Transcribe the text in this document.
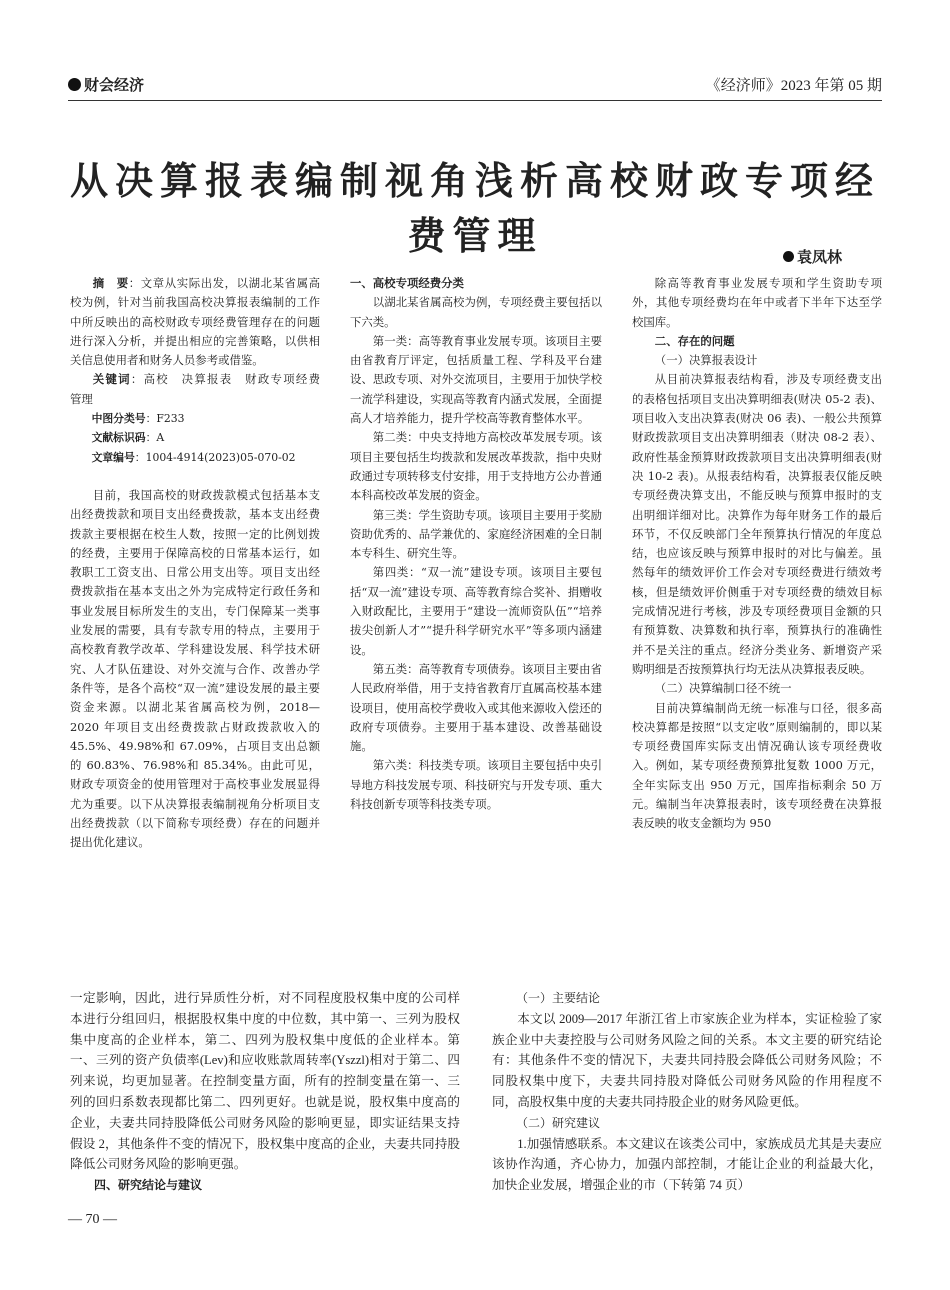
财会经济	《经济师》2023 年第 05 期
从决算报表编制视角浅析高校财政专项经费管理	袁凤林

摘　要：文章从实际出发，以湖北某省属高校为例，针对当前我国高校决算报表编制的工作中所反映出的高校财政专项经费管理存在的问题进行深入分析，并提出相应的完善策略，以供相关信息使用者和财务人员参考或借鉴。

关键词：高校　决算报表　财政专项经费　管理

中图分类号：F233

文献标识码：A

文章编号：1004-4914(2023)05-070-02

目前，我国高校的财政拨款模式包括基本支出经费拨款和项目支出经费拨款，基本支出经费拨款主要根据在校生人数，按照一定的比例划拨的经费，主要用于保障高校的日常基本运行，如教职工工资支出、日常公用支出等。项目支出经费拨款指在基本支出之外为完成特定行政任务和事业发展目标所发生的支出，专门保障某一类事业发展的需要，具有专款专用的特点，主要用于高校教育教学改革、学科建设发展、科学技术研究、人才队伍建设、对外交流与合作、改善办学条件等，是各个高校“双一流”建设发展的最主要资金来源。以湖北某省属高校为例，2018—2020 年项目支出经费拨款占财政拨款收入的 45.5%、49.98%和 67.09%，占项目支出总额的 60.83%、76.98%和 85.34%。由此可见，财政专项资金的使用管理对于高校事业发展显得尤为重要。以下从决算报表编制视角分析项目支出经费拨款（以下简称专项经费）存在的问题并提出优化建议。

一、高校专项经费分类

以湖北某省属高校为例，专项经费主要包括以下六类。

第一类：高等教育事业发展专项。该项目主要由省教育厅评定，包括质量工程、学科及平台建设、思政专项、对外交流项目，主要用于加快学校一流学科建设，实现高等教育内涵式发展，全面提高人才培养能力，提升学校高等教育整体水平。

第二类：中央支持地方高校改革发展专项。该项目主要包括生均拨款和发展改革拨款，指中央财政通过专项转移支付安排，用于支持地方公办普通本科高校改革发展的资金。

第三类：学生资助专项。该项目主要用于奖励资助优秀的、品学兼优的、家庭经济困难的全日制本专科生、研究生等。

第四类：“双一流”建设专项。该项目主要包括“双一流”建设专项、高等教育综合奖补、捐赠收入财政配比，主要用于“建设一流师资队伍”“培养拔尖创新人才”“提升科学研究水平”等多项内涵建设。

第五类：高等教育专项债券。该项目主要由省人民政府举借，用于支持省教育厅直属高校基本建设项目，使用高校学费收入或其他来源收入偿还的政府专项债券。主要用于基本建设、改善基础设施。

第六类：科技类专项。该项目主要包括中央引导地方科技发展专项、科技研究与开发专项、重大科技创新专项等科技类专项。

除高等教育事业发展专项和学生资助专项外，其他专项经费均在年中或者下半年下达至学校国库。

二、存在的问题

（一）决算报表设计

从目前决算报表结构看，涉及专项经费支出的表格包括项目支出决算明细表(财决 05-2 表)、项目收入支出决算表(财决 06 表)、一般公共预算财政拨款项目支出决算明细表（财决 08-2 表）、政府性基金预算财政拨款项目支出决算明细表(财决 10-2 表)。从报表结构看，决算报表仅能反映专项经费决算支出，不能反映与预算申报时的支出明细详细对比。决算作为每年财务工作的最后环节，不仅反映部门全年预算执行情况的年度总结，也应该反映与预算申报时的对比与偏差。虽然每年的绩效评价工作会对专项经费进行绩效考核，但是绩效评价侧重于对专项经费的绩效目标完成情况进行考核，涉及专项经费项目金额的只有预算数、决算数和执行率，预算执行的准确性并不是关注的重点。经济分类业务、新增资产采购明细是否按预算执行均无法从决算报表反映。

（二）决算编制口径不统一

目前决算编制尚无统一标准与口径，很多高校决算都是按照“以支定收”原则编制的，即以某专项经费国库实际支出情况确认该专项经费收入。例如，某专项经费预算批复数 1000 万元，全年实际支出 950 万元，国库指标剩余 50 万元。编制当年决算报表时，该专项经费在决算报表反映的收支金额均为 950

一定影响，因此，进行异质性分析，对不同程度股权集中度的公司样本进行分组回归，根据股权集中度的中位数，其中第一、三列为股权集中度高的企业样本，第二、四列为股权集中度低的企业样本。第一、三列的资产负债率(Lev)和应收账款周转率(Yszzl)相对于第二、四列来说，均更加显著。在控制变量方面，所有的控制变量在第一、三列的回归系数表现都比第二、四列更好。也就是说，股权集中度高的企业，夫妻共同持股降低公司财务风险的影响更显，即实证结果支持假设 2，其他条件不变的情况下，股权集中度高的企业，夫妻共同持股降低公司财务风险的影响更强。

四、研究结论与建议

（一）主要结论

本文以 2009—2017 年浙江省上市家族企业为样本，实证检验了家族企业中夫妻控股与公司财务风险之间的关系。本文主要的研究结论有：其他条件不变的情况下，夫妻共同持股会降低公司财务风险；不同股权集中度下，夫妻共同持股对降低公司财务风险的作用程度不同，高股权集中度的夫妻共同持股企业的财务风险更低。

（二）研究建议

1.加强情感联系。本文建议在该类公司中，家族成员尤其是夫妻应该协作沟通，齐心协力，加强内部控制，才能让企业的利益最大化，加快企业发展，增强企业的市（下转第 74 页）

— 70 —
